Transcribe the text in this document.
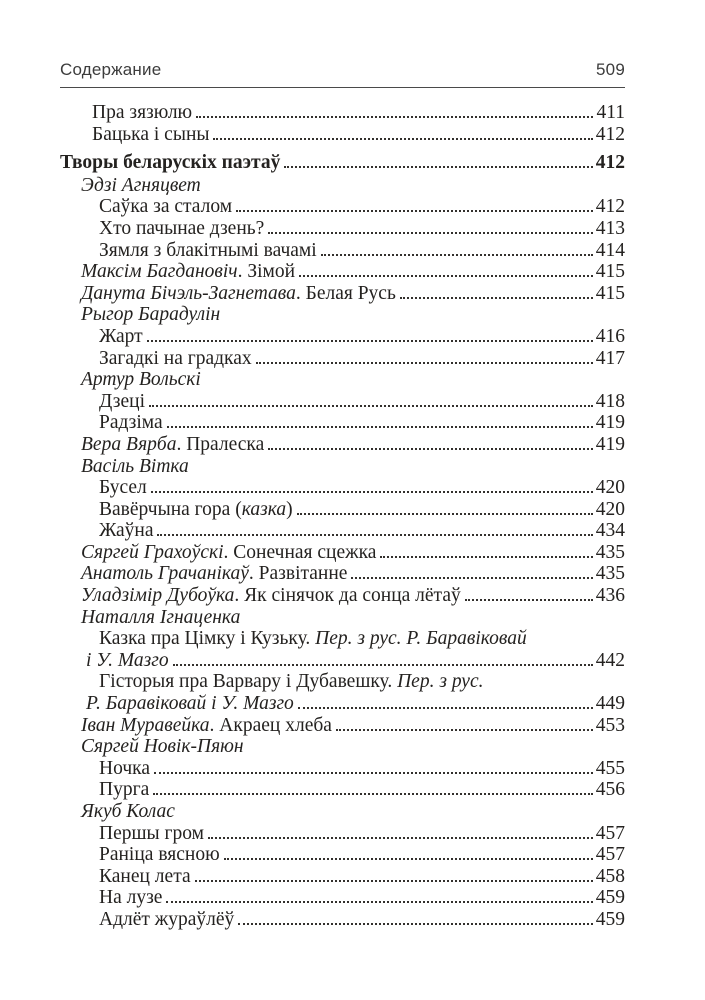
Содержание	509
Пра зязюлю	411
Бацька і сыны	412
Творы беларускіх паэтаў	412
Эдзі Агняцвет
Саўка за сталом	412
Хто пачынае дзень?	413
Зямля з блакітнымі вачамі	414
Максім Багдановіч. Зімой	415
Данута Бічэль-Загнетава. Белая Русь	415
Рыгор Барадулін
Жарт	416
Загадкі на градках	417
Артур Вольскі
Дзеці	418
Радзіма	419
Вера Вярба. Пралеска	419
Васіль Вітка
Бусел	420
Вавёрчына гора (казка)	420
Жаўна	434
Сяргей Грахоўскі. Сонечная сцежка	435
Анатоль Грачанікаў. Развітанне	435
Уладзімір Дубоўка. Як сінячок да сонца лётаў	436
Наталля Ігнаценка
Казка пра Цімку і Кузьку. Пер. з рус. Р. Баравіковай
і У. Мазго	442
Гісторыя пра Варвару і Дубавешку. Пер. з рус.
Р. Баравіковай і У. Мазго	449
Іван Муравейка. Акраец хлеба	453
Сяргей Новік-Пяюн
Ночка	455
Пурга	456
Якуб Колас
Першы гром	457
Раніца вясною	457
Канец лета	458
На лузе	459
Адлёт жураўлёў	459
